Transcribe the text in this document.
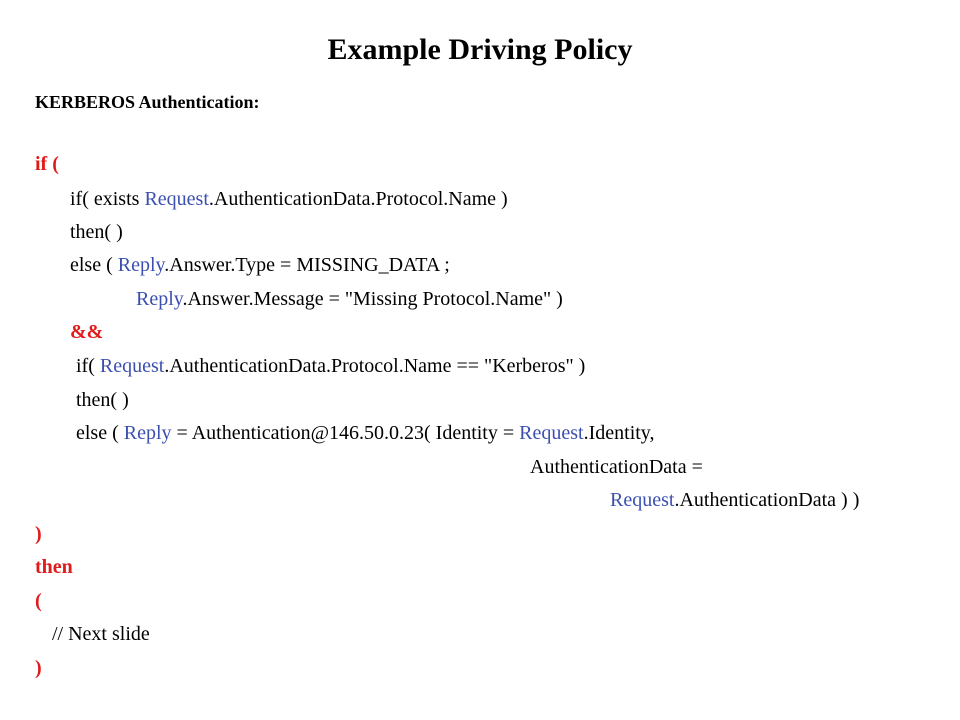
Example Driving Policy
KERBEROS Authentication:
if (
if( exists Request.AuthenticationData.Protocol.Name )
then( )
else ( Reply.Answer.Type = MISSING_DATA ;
Reply.Answer.Message = "Missing Protocol.Name" )
&&
if( Request.AuthenticationData.Protocol.Name == "Kerberos" )
then( )
else ( Reply = Authentication@146.50.0.23( Identity = Request.Identity,
AuthenticationData =
Request.AuthenticationData ) )
)
then
(
// Next slide
)
